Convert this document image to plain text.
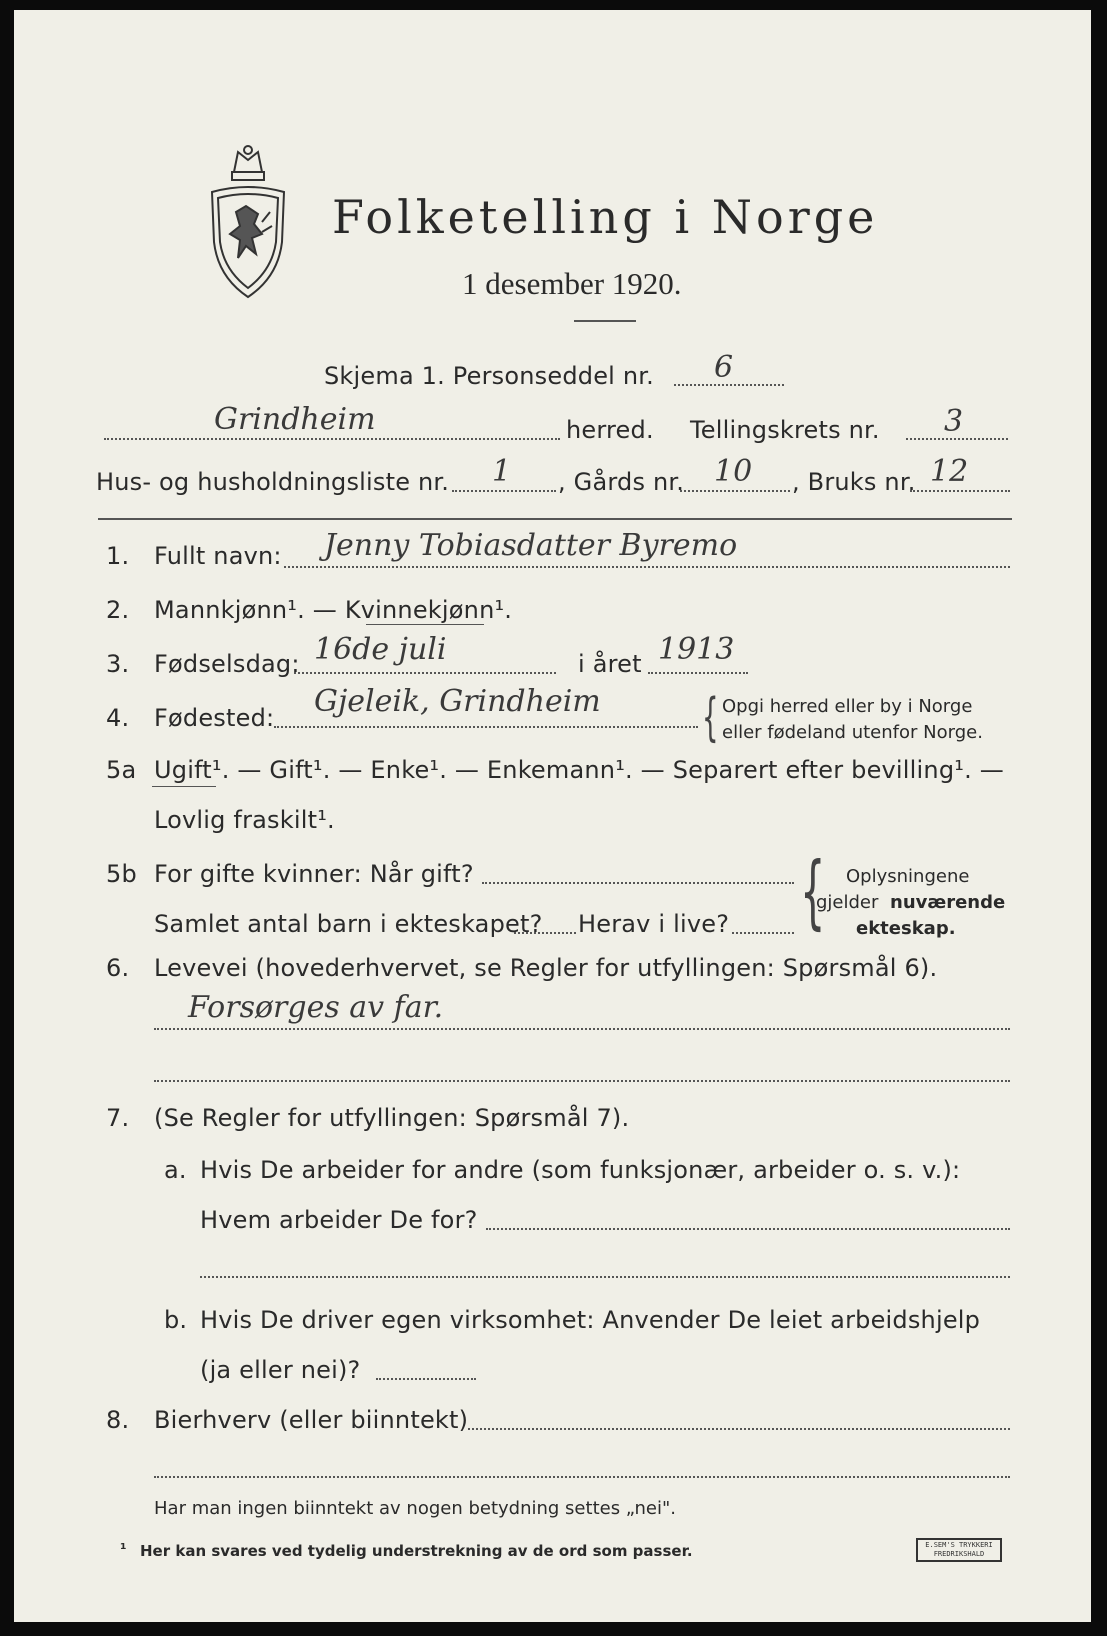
Folketelling i Norge
1 desember 1920.
Skjema 1. Personseddel nr. 6
Grindheim	herred. Tellingskrets nr. 3
Hus- og husholdningsliste nr. 1 , Gårds nr. 10 , Bruks nr. 12
1. Fullt navn: Jenny Tobiasdatter Byremo
2. Mannkjønn¹. — Kvinnekjønn¹.
3. Fødselsdag: 16de juli	i året 1913
4. Fødested: Gjeleik, Grindheim { Opgi herred eller by i Norge
eller fødeland utenfor Norge.
5a Ugift¹. — Gift¹. — Enke¹. — Enkemann¹. — Separert efter bevilling¹. —
Lovlig fraskilt¹.
5b For gifte kvinner: Når gift?
Samlet antal barn i ekteskapet? Herav i live? { Oplysningene
gjelder nuværende
ekteskap.
6. Levevei (hovederhvervet, se Regler for utfyllingen: Spørsmål 6).
Forsørges av far.
7. (Se Regler for utfyllingen: Spørsmål 7).
a. Hvis De arbeider for andre (som funksjonær, arbeider o. s. v.):
Hvem arbeider De for?
b. Hvis De driver egen virksomhet: Anvender De leiet arbeidshjelp
(ja eller nei)?
8. Bierhverv (eller biinntekt)
Har man ingen biinntekt av nogen betydning settes „nei".
¹ Her kan svares ved tydelig understrekning av de ord som passer.	E.SEM'S TRYKKERI
FREDRIKSHALD
